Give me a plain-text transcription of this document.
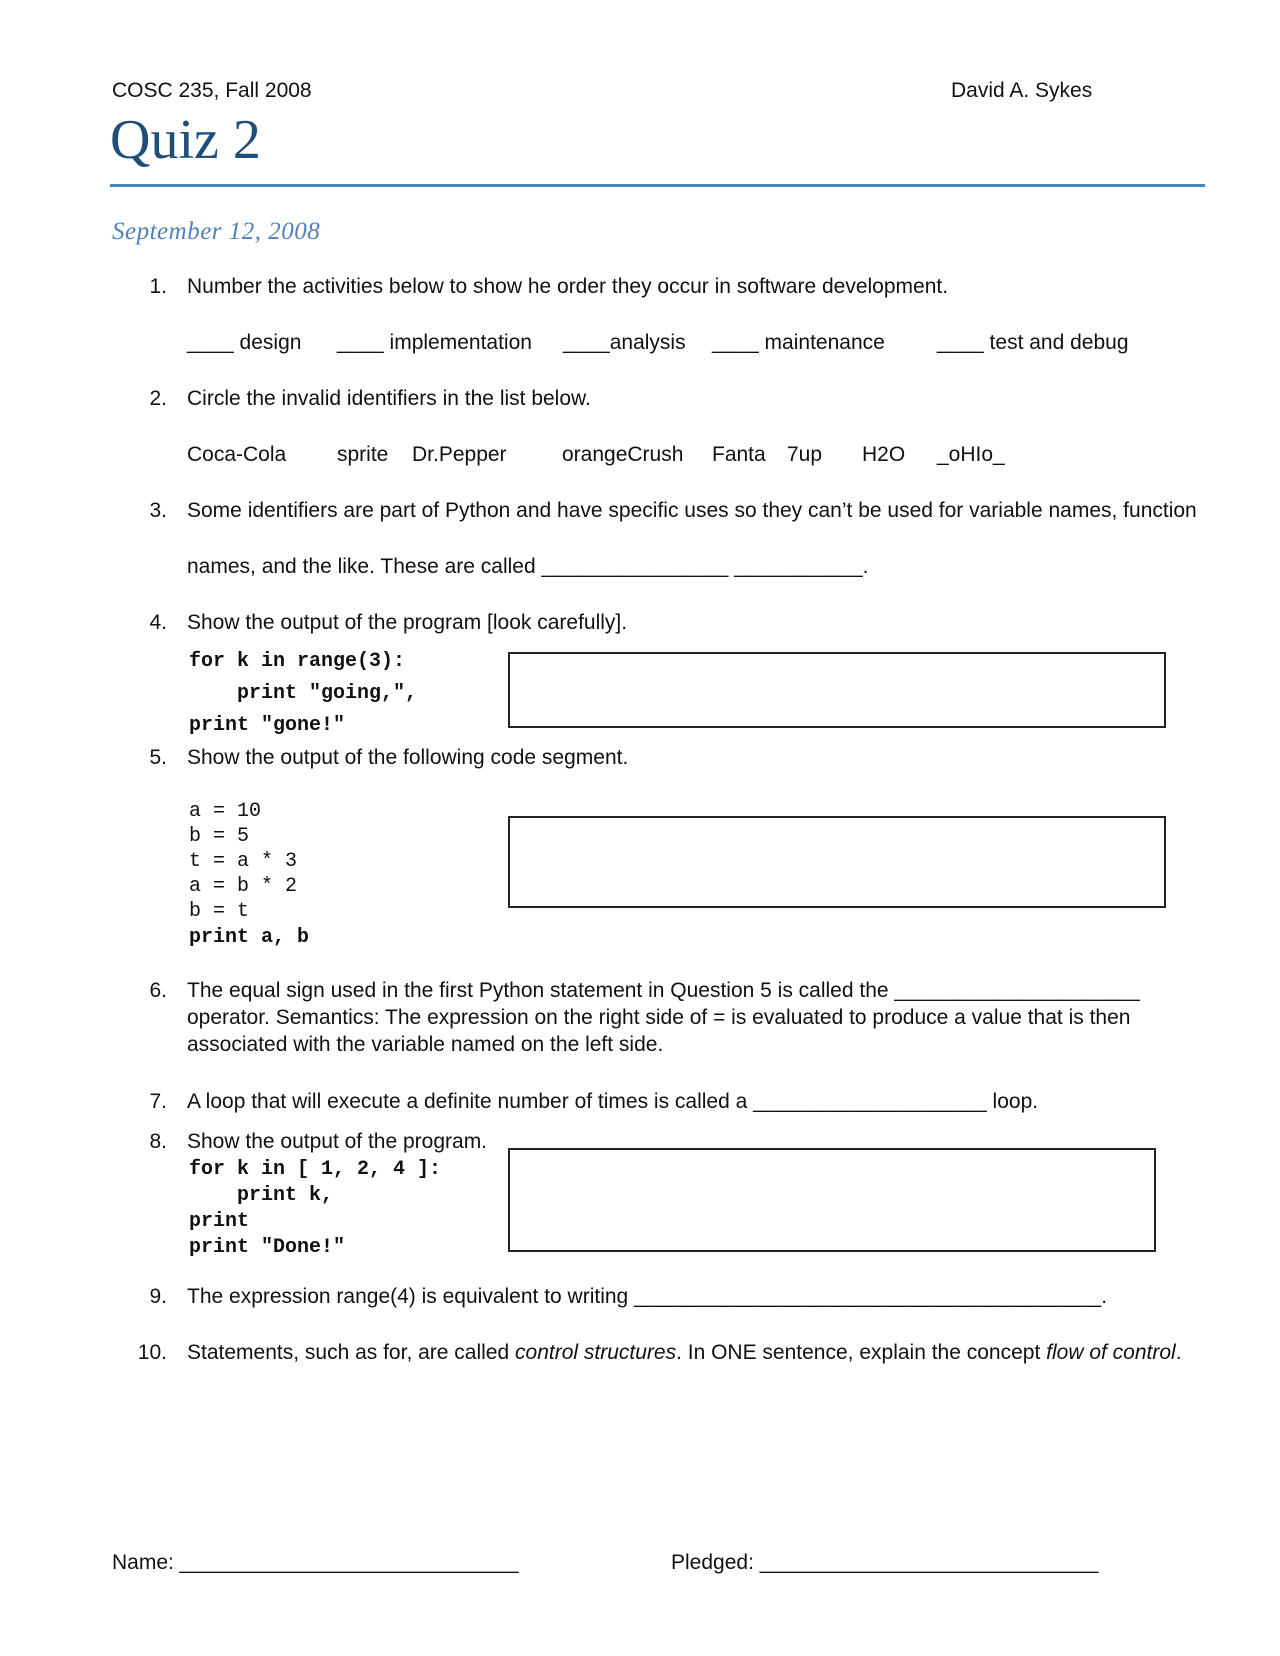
COSC 235, Fall 2008	David A. Sykes
Quiz 2
September 12, 2008
1. Number the activities below to show he order they occur in software development.
____ design ____ implementation ____analysis ____ maintenance ____ test and debug
2. Circle the invalid identifiers in the list below.
Coca-Cola sprite Dr.Pepper	orangeCrush Fanta 7up H2O _oHIo_
3. Some identifiers are part of Python and have specific uses so they can’t be used for variable names, function
names, and the like. These are called ________________ ___________.
4. Show the output of the program [look carefully].
for k in range(3):
print "going,",
print "gone!"
5. Show the output of the following code segment.
a = 10
b = 5
t = a * 3
a = b * 2
b = t
print a, b
6. The equal sign used in the first Python statement in Question 5 is called the _____________________
operator. Semantics: The expression on the right side of = is evaluated to produce a value that is then
associated with the variable named on the left side.
7. A loop that will execute a definite number of times is called a ____________________ loop.
8. Show the output of the program.
for k in [ 1, 2, 4 ]:
print k,
print
print "Done!"
9. The expression range(4) is equivalent to writing ________________________________________.
10. Statements, such as for, are called control structures. In ONE sentence, explain the concept flow of control.
Name: _____________________________	Pledged: _____________________________
